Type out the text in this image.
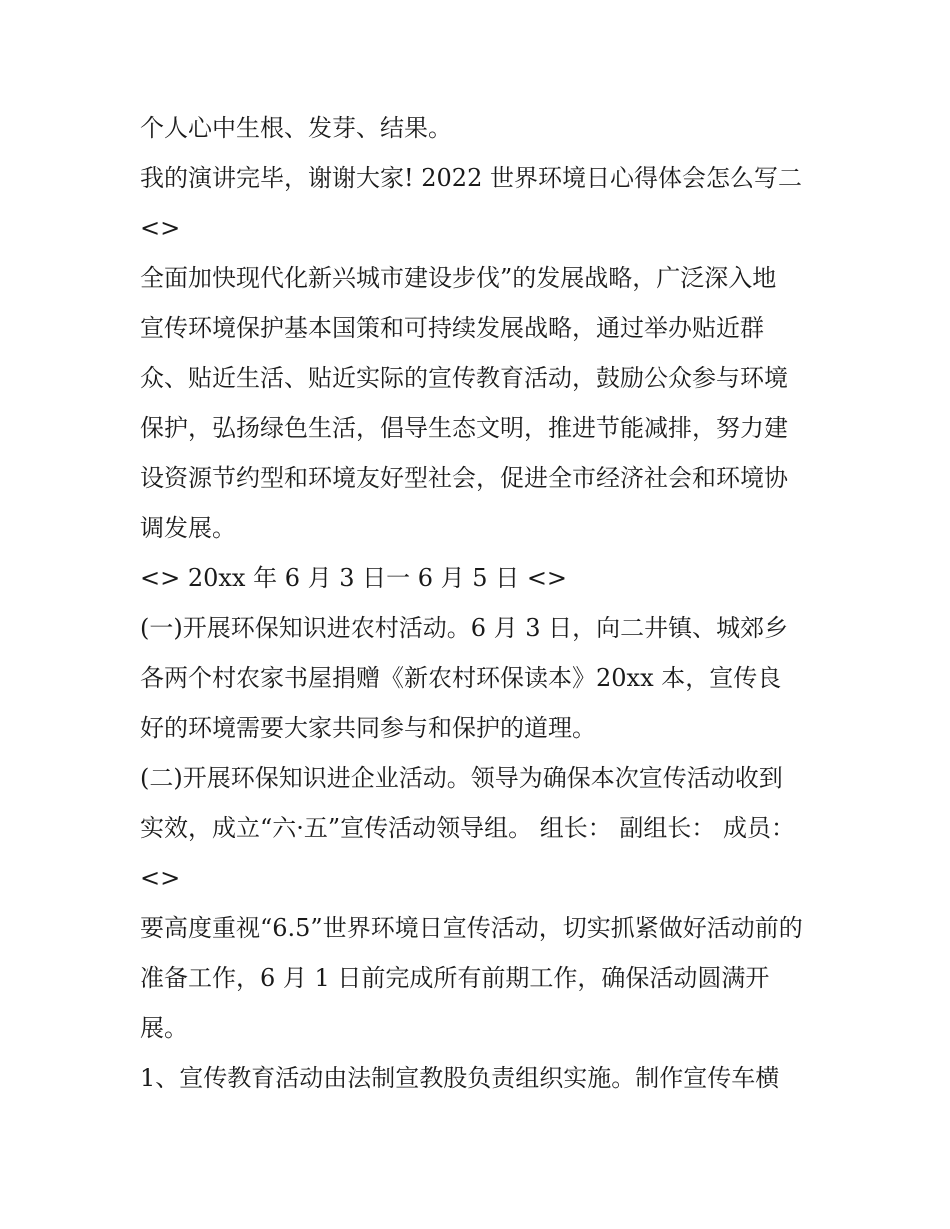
个人心中生根、发芽、结果。
我的演讲完毕，谢谢大家! 2022 世界环境日心得体会怎么写二
<>
全面加快现代化新兴城市建设步伐”的发展战略，广泛深入地
宣传环境保护基本国策和可持续发展战略，通过举办贴近群
众、贴近生活、贴近实际的宣传教育活动，鼓励公众参与环境
保护，弘扬绿色生活，倡导生态文明，推进节能减排，努力建
设资源节约型和环境友好型社会，促进全市经济社会和环境协
调发展。
<> 20xx 年 6 月 3 日一 6 月 5 日 <>
(一)开展环保知识进农村活动。6 月 3 日，向二井镇、城郊乡
各两个村农家书屋捐赠《新农村环保读本》20xx 本，宣传良
好的环境需要大家共同参与和保护的道理。
(二)开展环保知识进企业活动。领导为确保本次宣传活动收到
实效，成立“六·五”宣传活动领导组。 组长： 副组长： 成员：
<>
要高度重视“6.5”世界环境日宣传活动，切实抓紧做好活动前的
准备工作，6 月 1 日前完成所有前期工作，确保活动圆满开
展。
1、宣传教育活动由法制宣教股负责组织实施。制作宣传车横
